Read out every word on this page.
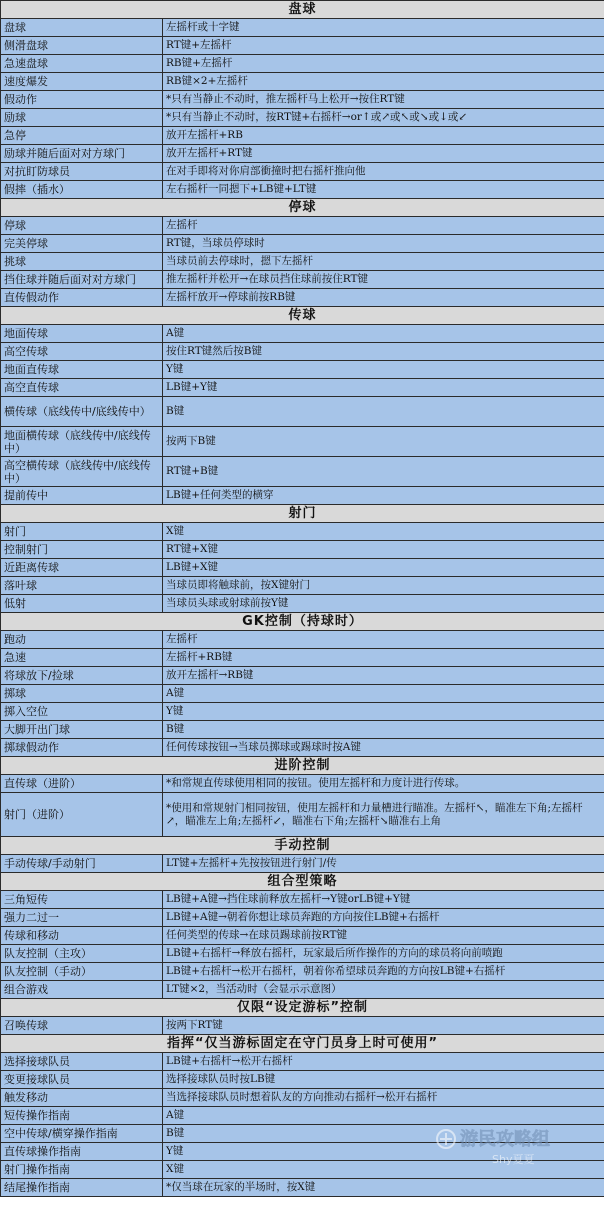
盘球	
盘球	左摇杆或十字键
侧滑盘球	RT键+左摇杆
急速盘球	RB键+左摇杆
速度爆发	RB键×2+左摇杆
假动作	*只有当静止不动时，推左摇杆马上松开→按住RT键
励球	*只有当静止不动时，按RT键+右摇杆→or↑或↗或↖或↘或↓或↙
急停	放开左摇杆+RB
励球并随后面对对方球门	放开左摇杆+RT键
对抗盯防球员	在对手即将对你肩部衝撞时把右摇杆推向他
假摔（插水）	左右摇杆一同摁下+LB键+LT键
停球	
停球	左摇杆
完美停球	RT键，当球员停球时
挑球	当球员前去停球时，摁下左摇杆
挡住球并随后面对对方球门	推左摇杆并松开→在球员挡住球前按住RT键
直传假动作	左摇杆放开→停球前按RB键
传球	
地面传球	A键
高空传球	按住RT键然后按B键
地面直传球	Y键
高空直传球	LB键+Y键
横传球（底线传中/底线传中）	B键
地面横传球（底线传中/底线传中）	按两下B键
高空横传球（底线传中/底线传中）	RT键+B键
提前传中	LB键+任何类型的横穿
射门	
射门	X键
控制射门	RT键+X键
近距离传球	LB键+X键
落叶球	当球员即将触球前，按X键射门
低射	当球员头球或射球前按Y键
GK控制（持球时）	
跑动	左摇杆
急速	左摇杆+RB键
将球放下/捡球	放开左摇杆→RB键
掷球	A键
掷入空位	Y键
大脚开出门球	B键
掷球假动作	任何传球按钮→当球员掷球或踢球时按A键
进阶控制	
直传球（进阶）	*和常规直传球使用相同的按钮。使用左摇杆和力度计进行传球。
射门（进阶）	*使用和常规射门相同按钮，使用左摇杆和力量槽进行瞄准。左摇杆↖，瞄准左下角;左摇杆↗，瞄准左上角;左摇杆↙，瞄准右下角;左摇杆↘瞄准右上角
手动控制	
手动传球/手动射门	LT键+左摇杆+先按按钮进行射门/传
组合型策略	
三角短传	LB键+A键→挡住球前释放左摇杆→Y键orLB键+Y键
强力二过一	LB键+A键→朝着你想让球员奔跑的方向按住LB键+右摇杆
传球和移动	任何类型的传球→在球员踢球前按RT键
队友控制（主攻）	LB键+右摇杆→释放右摇杆，玩家最后所作操作的方向的球员将向前喷跑
队友控制（手动）	LB键+右摇杆→松开右摇杆，朝着你希望球员奔跑的方向按LB键+右摇杆
组合游戏	LT键×2，当活动时（会显示示意图）
仅限“设定游标”控制	
召唤传球	按两下RT键
指挥“仅当游标固定在守门员身上时可使用”	
选择接球队员	LB键+右摇杆→松开右摇杆
变更接球队员	选择接球队员时按LB键
触发移动	当选择接球队员时想着队友的方向推动右摇杆→松开右摇杆
短传操作指南	A键
空中传球/横穿操作指南	B键
直传球操作指南	Y键
射门操作指南	X键
结尾操作指南	*仅当球在玩家的半场时，按X键
游民攻略组
Shy夏夏
